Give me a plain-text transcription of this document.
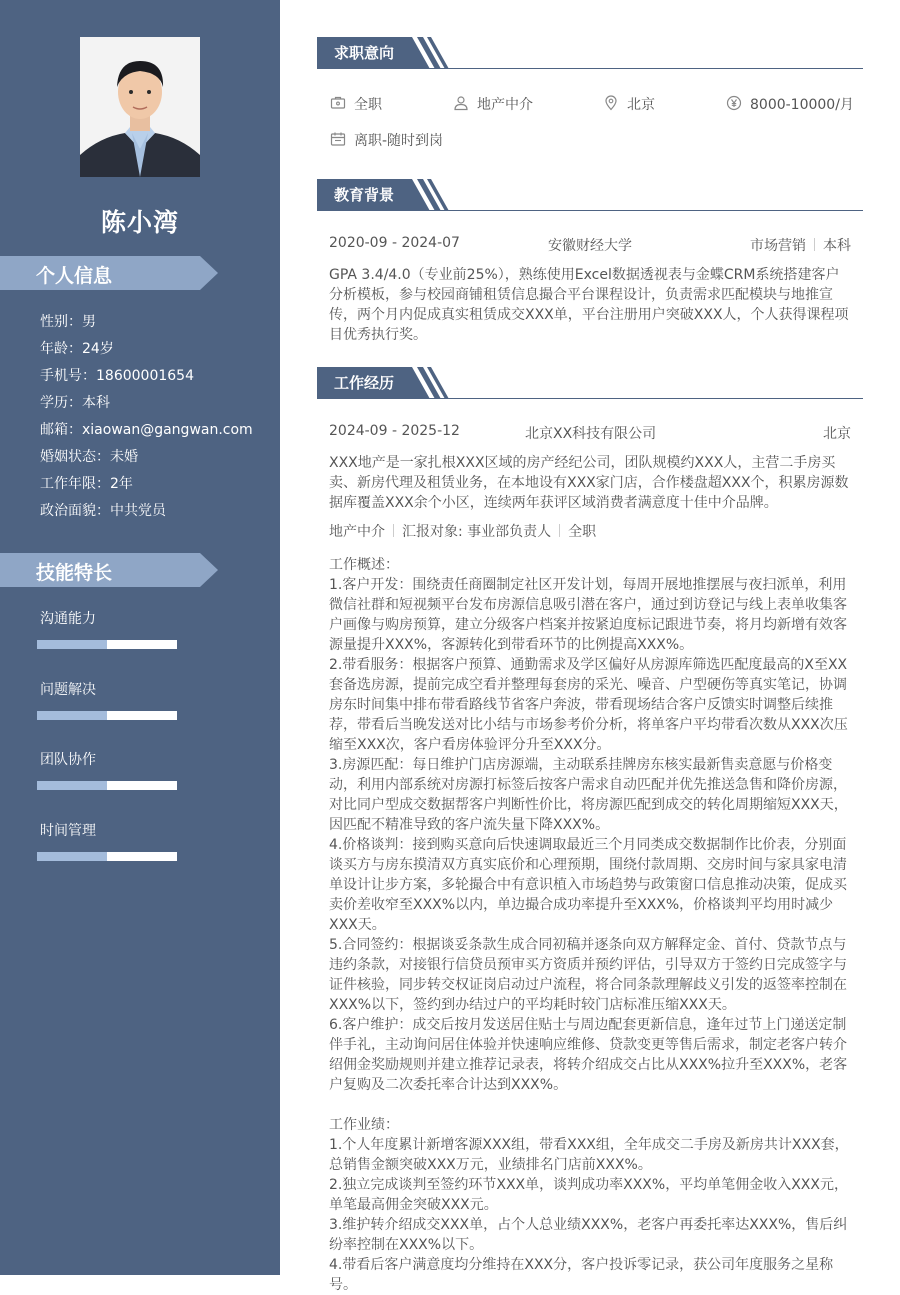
陈小湾
个人信息
性别：男
年龄：24岁
手机号：18600001654
学历：本科
邮箱：xiaowan@gangwan.com
婚姻状态：未婚
工作年限：2年
政治面貌：中共党员
技能特长
沟通能力
问题解决
团队协作
时间管理
求职意向
全职	地产中介	北京	8000-10000/月
离职-随时到岗
教育背景
2020-09 - 2024-07	安徽财经大学	市场营销 本科
GPA 3.4/4.0（专业前25%），熟练使用Excel数据透视表与金蝶CRM系统搭建客户分析模板，参与校园商铺租赁信息撮合平台课程设计，负责需求匹配模块与地推宣传，两个月内促成真实租赁成交XXX单，平台注册用户突破XXX人，个人获得课程项目优秀执行奖。
工作经历
2024-09 - 2025-12	北京XX科技有限公司	北京
XXX地产是一家扎根XXX区域的房产经纪公司，团队规模约XXX人，主营二手房买卖、新房代理及租赁业务，在本地设有XXX家门店，合作楼盘超XXX个，积累房源数据库覆盖XXX余个小区，连续两年获评区域消费者满意度十佳中介品牌。
地产中介 汇报对象: 事业部负责人 全职
工作概述：
1.客户开发：围绕责任商圈制定社区开发计划，每周开展地推摆展与夜扫派单，利用微信社群和短视频平台发布房源信息吸引潜在客户，通过到访登记与线上表单收集客户画像与购房预算，建立分级客户档案并按紧迫度标记跟进节奏，将月均新增有效客源量提升XXX%，客源转化到带看环节的比例提高XXX%。
2.带看服务：根据客户预算、通勤需求及学区偏好从房源库筛选匹配度最高的X至XX套备选房源，提前完成空看并整理每套房的采光、噪音、户型硬伤等真实笔记，协调房东时间集中排布带看路线节省客户奔波，带看现场结合客户反馈实时调整后续推荐，带看后当晚发送对比小结与市场参考价分析，将单客户平均带看次数从XXX次压缩至XXX次，客户看房体验评分升至XXX分。
3.房源匹配：每日维护门店房源端，主动联系挂牌房东核实最新售卖意愿与价格变动，利用内部系统对房源打标签后按客户需求自动匹配并优先推送急售和降价房源，对比同户型成交数据帮客户判断性价比，将房源匹配到成交的转化周期缩短XXX天，因匹配不精准导致的客户流失量下降XXX%。
4.价格谈判：接到购买意向后快速调取最近三个月同类成交数据制作比价表，分别面谈买方与房东摸清双方真实底价和心理预期，围绕付款周期、交房时间与家具家电清单设计让步方案，多轮撮合中有意识植入市场趋势与政策窗口信息推动决策，促成买卖价差收窄至XXX%以内，单边撮合成功率提升至XXX%，价格谈判平均用时减少XXX天。
5.合同签约：根据谈妥条款生成合同初稿并逐条向双方解释定金、首付、贷款节点与违约条款，对接银行信贷员预审买方资质并预约评估，引导双方于签约日完成签字与证件核验，同步转交权证岗启动过户流程，将合同条款理解歧义引发的返签率控制在XXX%以下，签约到办结过户的平均耗时较门店标准压缩XXX天。
6.客户维护：成交后按月发送居住贴士与周边配套更新信息，逢年过节上门递送定制伴手礼，主动询问居住体验并快速响应维修、贷款变更等售后需求，制定老客户转介绍佣金奖励规则并建立推荐记录表，将转介绍成交占比从XXX%拉升至XXX%，老客户复购及二次委托率合计达到XXX%。
工作业绩：
1.个人年度累计新增客源XXX组，带看XXX组，全年成交二手房及新房共计XXX套，总销售金额突破XXX万元，业绩排名门店前XXX%。
2.独立完成谈判至签约环节XXX单，谈判成功率XXX%，平均单笔佣金收入XXX元，单笔最高佣金突破XXX元。
3.维护转介绍成交XXX单，占个人总业绩XXX%，老客户再委托率达XXX%，售后纠纷率控制在XXX%以下。
4.带看后客户满意度均分维持在XXX分，客户投诉零记录，获公司年度服务之星称号。
